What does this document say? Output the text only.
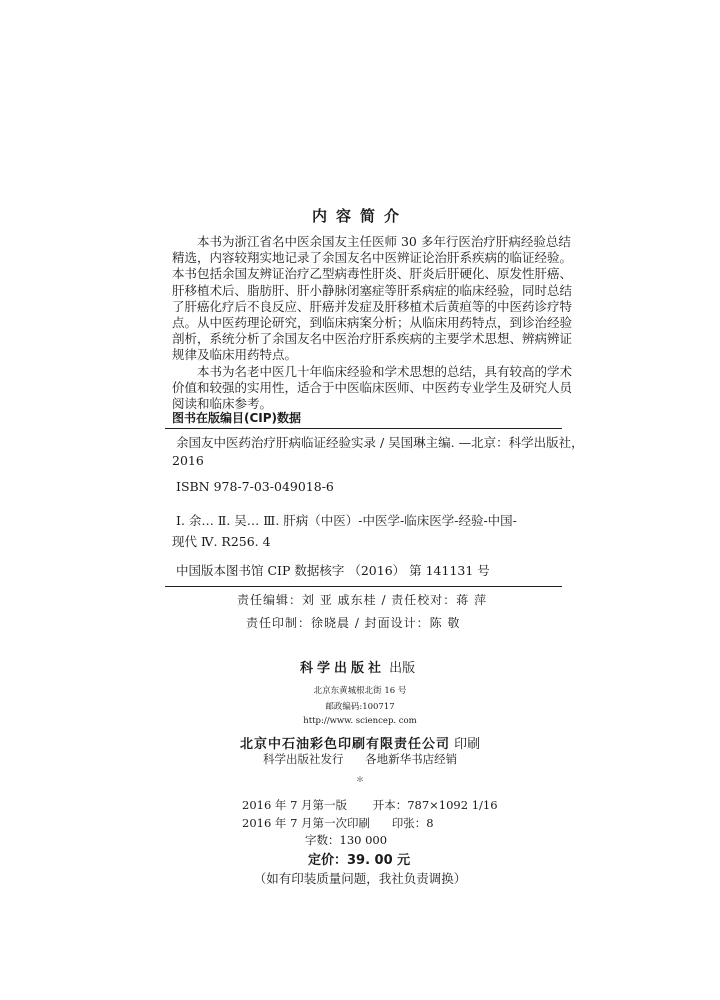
内容简介

本书为浙江省名中医余国友主任医师 30 多年行医治疗肝病经验总结
精选，内容较翔实地记录了余国友名中医辨证论治肝系疾病的临证经验。
本书包括余国友辨证治疗乙型病毒性肝炎、肝炎后肝硬化、原发性肝癌、
肝移植术后、脂肪肝、肝小静脉闭塞症等肝系病症的临床经验，同时总结
了肝癌化疗后不良反应、肝癌并发症及肝移植术后黄疸等的中医药诊疗特
点。从中医药理论研究，到临床病案分析；从临床用药特点，到诊治经验
剖析，系统分析了余国友名中医治疗肝系疾病的主要学术思想、辨病辨证
规律及临床用药特点。

本书为名老中医几十年临床经验和学术思想的总结，具有较高的学术
价值和较强的实用性，适合于中医临床医师、中医药专业学生及研究人员
阅读和临床参考。

图书在版编目(CIP)数据
余国友中医药治疗肝病临证经验实录 / 吴国琳主编. —北京：科学出版社，
2016
ISBN 978-7-03-049018-6
Ⅰ. 余… Ⅱ. 吴… Ⅲ. 肝病（中医）-中医学-临床医学-经验-中国-
现代 Ⅳ. R256. 4
中国版本图书馆 CIP 数据核字 （2016） 第 141131 号
责任编辑：刘 亚 戚东桂 / 责任校对：蒋 萍
责任印制：徐晓晨 / 封面设计：陈 敬
科学出版社 出版
北京东黄城根北街 16 号
邮政编码:100717
http://www. sciencep. com
北京中石油彩色印刷有限责任公司 印刷
科学出版社发行 各地新华书店经销
＊
2016 年 7 月第一版 开本：787×1092 1/16
2016 年 7 月第一次印刷 印张：8
字数：130 000
定价：39. 00 元
（如有印装质量问题，我社负责调换）
